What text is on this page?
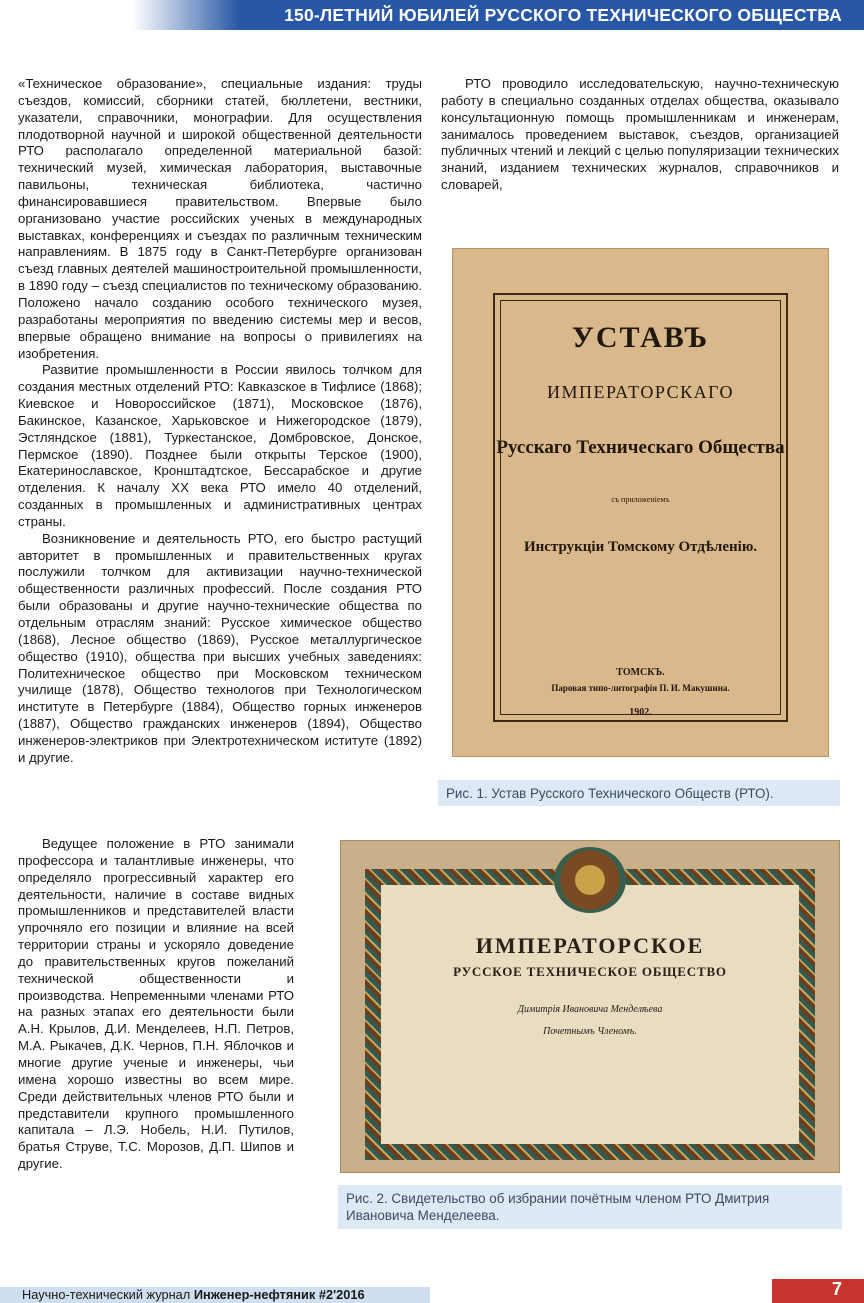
150-ЛЕТНИЙ ЮБИЛЕЙ РУССКОГО ТЕХНИЧЕСКОГО ОБЩЕСТВА

«Техническое образование», специальные издания: труды съездов, комиссий, сборники статей, бюллетени, вестники, указатели, справочники, монографии. Для осуществления плодотворной научной и широкой общественной деятельности РТО располагало определенной материальной базой: технический музей, химическая лаборатория, выставочные павильоны, техническая библиотека, частично финансировавшиеся правительством. Впервые было организовано участие российских ученых в международных выставках, конференциях и съездах по различным техническим направлениям. В 1875 году в Санкт-Петербурге организован съезд главных деятелей машиностроительной промышленности, в 1890 году – съезд специалистов по техническому образованию. Положено начало созданию особого технического музея, разработаны мероприятия по введению системы мер и весов, впервые обращено внимание на вопросы о привилегиях на изобретения.

Развитие промышленности в России явилось толчком для создания местных отделений РТО: Кавказское в Тифлисе (1868); Киевское и Новороссийское (1871), Московское (1876), Бакинское, Казанское, Харьковское и Нижегородское (1879), Эстляндское (1881), Туркестанское, Домбровское, Донское, Пермское (1890). Позднее были открыты Терское (1900), Екатеринославское, Кронштадтское, Бессарабское и другие отделения. К началу XX века РТО имело 40 отделений, созданных в промышленных и административных центрах страны.

Возникновение и деятельность РТО, его быстро растущий авторитет в промышленных и правительственных кругах послужили толчком для активизации научно-технической общественности различных профессий. После создания РТО были образованы и другие научно-технические общества по отдельным отраслям знаний: Русское химическое общество (1868), Лесное общество (1869), Русское металлургическое общество (1910), общества при высших учебных заведениях: Политехническое общество при Московском техническом училище (1878), Общество технологов при Технологическом институте в Петербурге (1884), Общество горных инженеров (1887), Общество гражданских инженеров (1894), Общество инженеров-электриков при Электротехническом иститутe (1892) и другие.

Ведущее положение в РТО занимали профессора и талантливые инженеры, что определяло прогрессивный характер его деятельности, наличие в составе видных промышленников и представителей власти упрочняло его позиции и влияние на всей территории страны и ускоряло доведение до правительственных кругов пожеланий технической общественности и производства. Непременными членами РТО на разных этапах его деятельности были А.Н. Крылов, Д.И. Менделеев, Н.П. Петров, М.А. Рыкачев, Д.К. Чернов, П.Н. Яблочков и многие другие ученые и инженеры, чьи имена хорошо известны во всем мире. Среди действительных членов РТО были и представители крупного промышленного капитала – Л.Э. Нобель, Н.И. Путилов, братья Струве, Т.С. Морозов, Д.П. Шипов и другие.

РТО проводило исследовательскую, научно-техническую работу в специально созданных отделах общества, оказывало консультационную помощь промышленникам и инженерам, занималось проведением выставок, съездов, организацией публичных чтений и лекций с целью популяризации технических знаний, изданием технических журналов, справочников и словарей,

УСТАВЪ
ИМПЕРАТОРСКАГО
Русскаго Техническаго Общества
съ приложеніемъ
Инструкціи Томскому Отдѣленію.
ТОМСКЪ.
Паровая типо-литографія П. И. Макушина.
1902.
Рис. 1. Устав Русского Технического Обществ (РТО).
ИМПЕРАТОРСКОЕ
РУССКОЕ ТЕХНИЧЕСКОЕ ОБЩЕСТВО
Димитрія Ивановича Менделѣева
Почетнымъ Членомъ.
Рис. 2. Свидетельство об избрании почётным членом РТО Дмитрия Ивановича Менделеева.
Научно-технический журнал Инженер-нефтяник #2'2016	7
